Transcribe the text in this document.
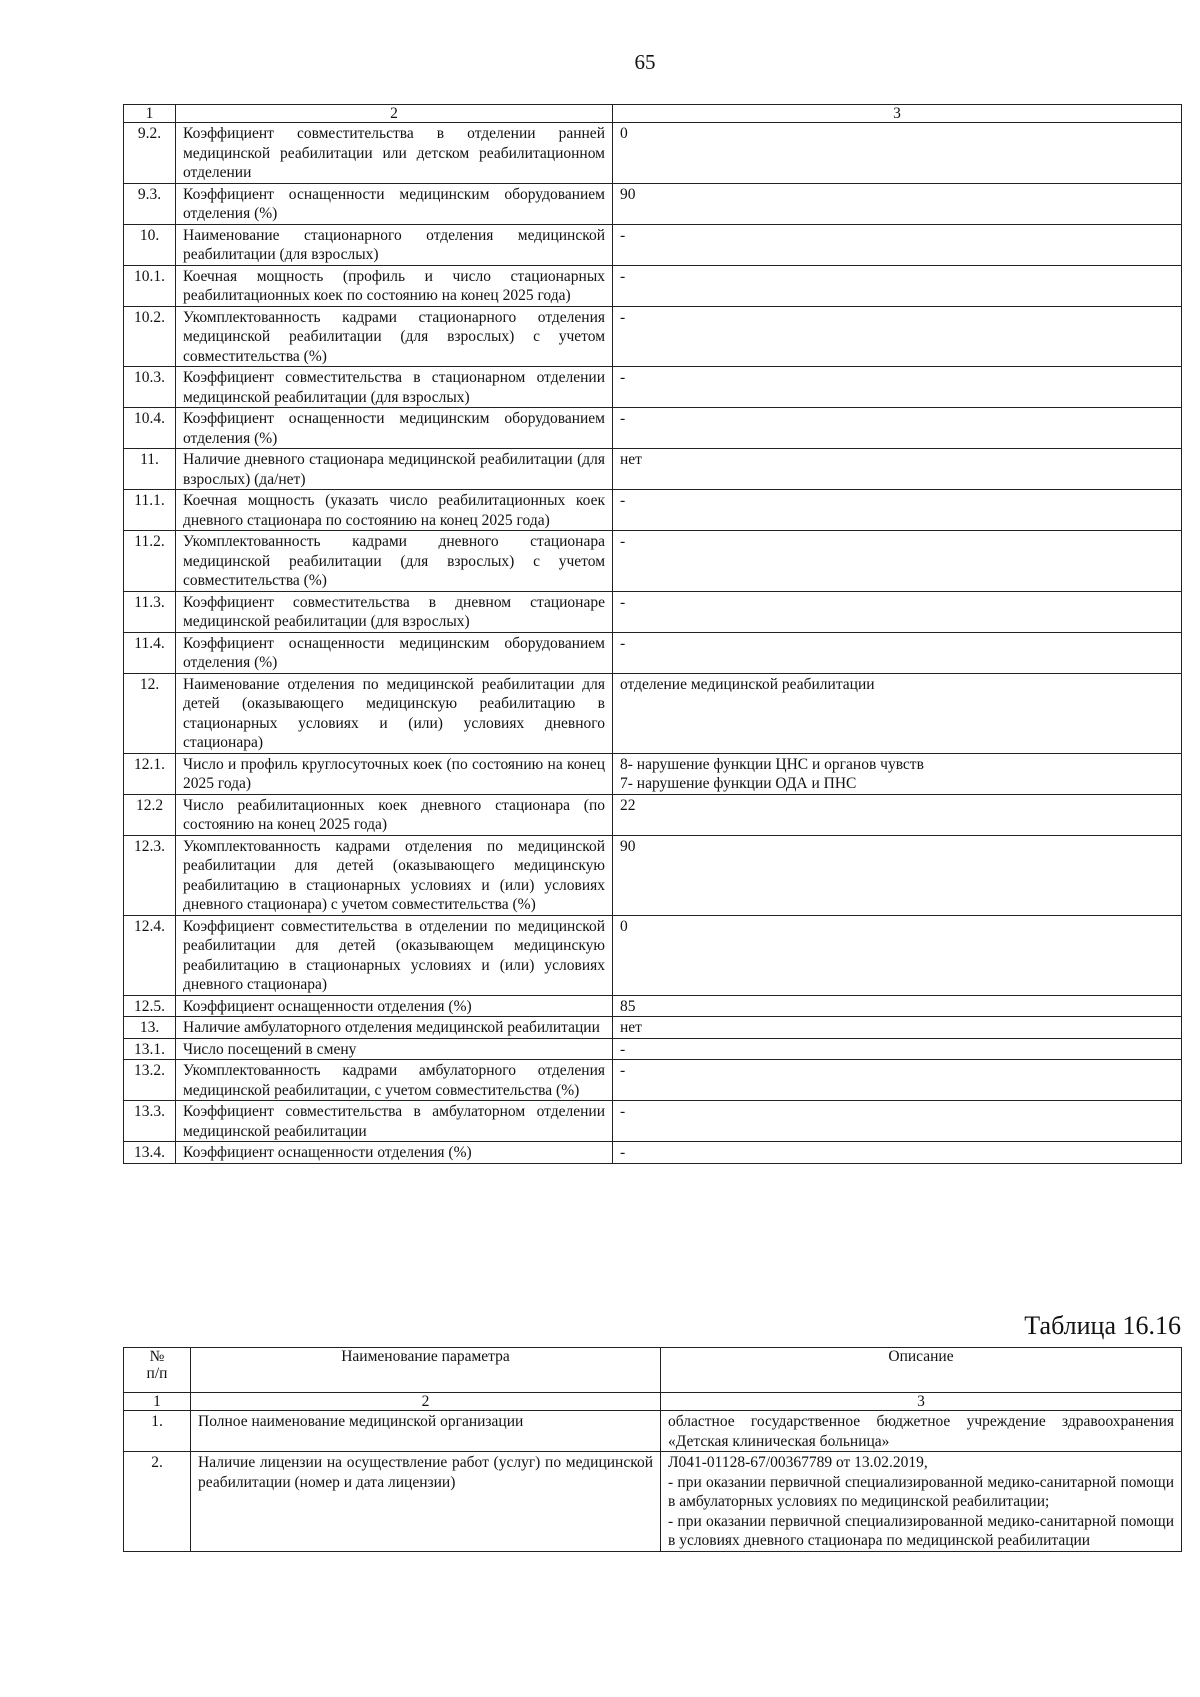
65
1	2	3
9.2.	Коэффициент совместительства в отделении ранней медицинской реабилитации или детском реабилитационном отделении	0
9.3.	Коэффициент оснащенности медицинским оборудованием отделения (%)	90
10.	Наименование стационарного отделения медицинской реабилитации (для взрослых)	-
10.1.	Коечная мощность (профиль и число стационарных реабилитационных коек по состоянию на конец 2025 года)	-
10.2.	Укомплектованность кадрами стационарного отделения медицинской реабилитации (для взрослых) с учетом совместительства (%)	-
10.3.	Коэффициент совместительства в стационарном отделении медицинской реабилитации (для взрослых)	-
10.4.	Коэффициент оснащенности медицинским оборудованием отделения (%)	-
11.	Наличие дневного стационара медицинской реабилитации (для взрослых) (да/нет)	нет
11.1.	Коечная мощность (указать число реабилитационных коек дневного стационара по состоянию на конец 2025 года)	-
11.2.	Укомплектованность кадрами дневного стационара медицинской реабилитации (для взрослых) с учетом совместительства (%)	-
11.3.	Коэффициент совместительства в дневном стационаре медицинской реабилитации (для взрослых)	-
11.4.	Коэффициент оснащенности медицинским оборудованием отделения (%)	-
12.	Наименование отделения по медицинской реабилитации для детей (оказывающего медицинскую реабилитацию в стационарных условиях и (или) условиях дневного стационара)	отделение медицинской реабилитации
12.1.	Число и профиль круглосуточных коек (по состоянию на конец 2025 года)	8- нарушение функции ЦНС и органов чувств
7- нарушение функции ОДА и ПНС
12.2	Число реабилитационных коек дневного стационара (по состоянию на конец 2025 года)	22
12.3.	Укомплектованность кадрами отделения по медицинской реабилитации для детей (оказывающего медицинскую реабилитацию в стационарных условиях и (или) условиях дневного стационара) с учетом совместительства (%)	90
12.4.	Коэффициент совместительства в отделении по медицинской реабилитации для детей (оказывающем медицинскую реабилитацию в стационарных условиях и (или) условиях дневного стационара)	0
12.5.	Коэффициент оснащенности отделения (%)	85
13.	Наличие амбулаторного отделения медицинской реабилитации	нет
13.1.	Число посещений в смену	-
13.2.	Укомплектованность кадрами амбулаторного отделения медицинской реабилитации, с учетом совместительства (%)	-
13.3.	Коэффициент совместительства в амбулаторном отделении медицинской реабилитации	-
13.4.	Коэффициент оснащенности отделения (%)	-
Таблица 16.16
№
п/п	Наименование параметра	Описание
1	2	3
1.	Полное наименование медицинской организации	областное государственное бюджетное учреждение здравоохранения «Детская клиническая больница»
2.	Наличие лицензии на осуществление работ (услуг) по медицинской реабилитации (номер и дата лицензии)	Л041-01128-67/00367789 от 13.02.2019,
- при оказании первичной специализированной медико-санитарной помощи в амбулаторных условиях по медицинской реабилитации;
- при оказании первичной специализированной медико-санитарной помощи в условиях дневного стационара по медицинской реабилитации
